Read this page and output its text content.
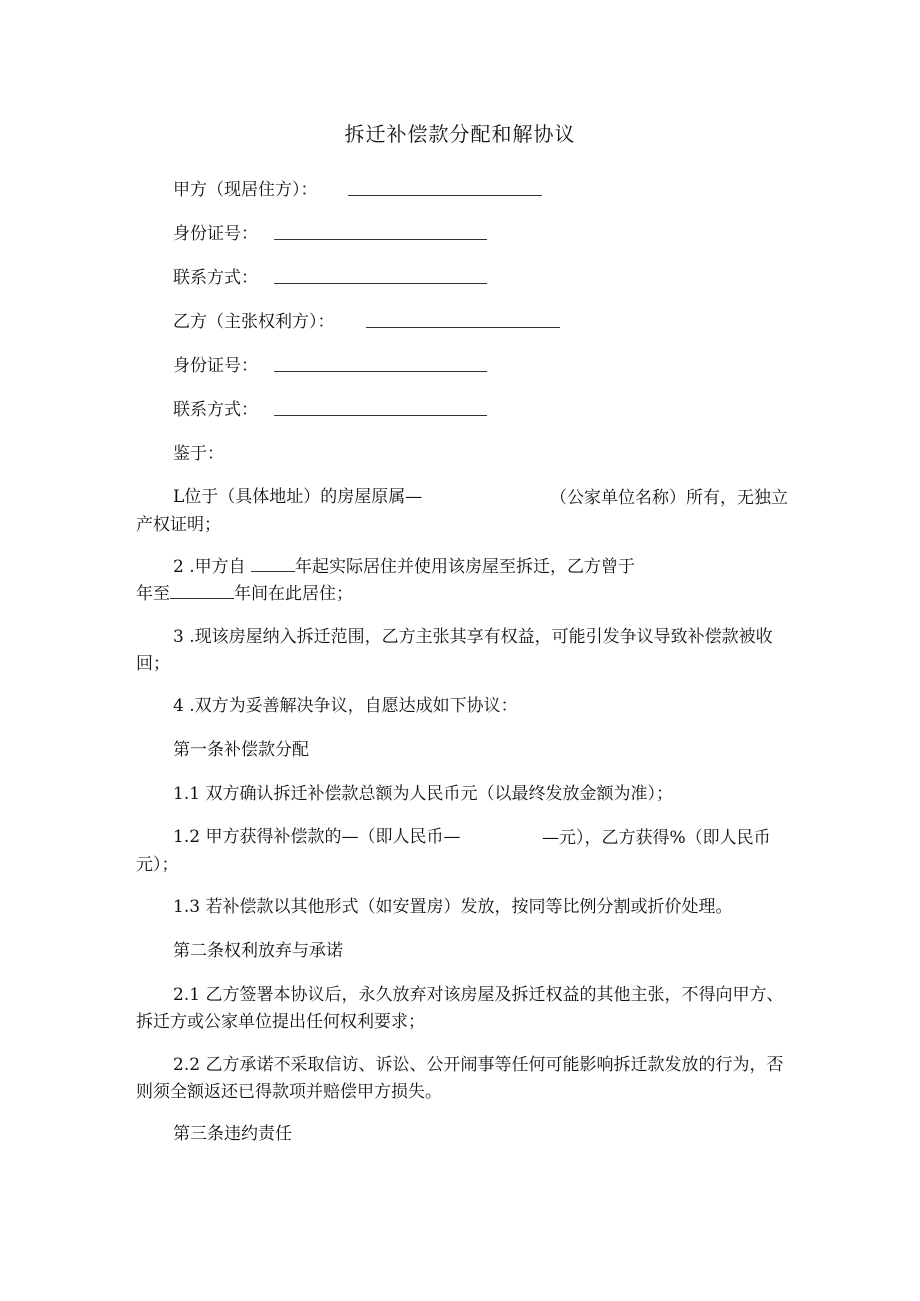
拆迁补偿款分配和解协议
甲方（现居住方）：
身份证号：
联系方式：
乙方（主张权利方）：
身份证号：
联系方式：
鉴于：
L位于（具体地址）的房屋原属—	（公家单位名称）所有，无独立产权证明；
2 .甲方自	年起实际居住并使用该房屋至拆迁，乙方曾于
年至	年间在此居住；
3 .现该房屋纳入拆迁范围，乙方主张其享有权益，可能引发争议导致补偿款被收回；
4 .双方为妥善解决争议，自愿达成如下协议：
第一条补偿款分配
1.1 双方确认拆迁补偿款总额为人民币元（以最终发放金额为准）；
1.2 甲方获得补偿款的—（即人民币—	—元），乙方获得%（即人民币元）；
1.3 若补偿款以其他形式（如安置房）发放，按同等比例分割或折价处理。
第二条权利放弃与承诺
2.1 乙方签署本协议后，永久放弃对该房屋及拆迁权益的其他主张，不得向甲方、拆迁方或公家单位提出任何权利要求；
2.2 乙方承诺不采取信访、诉讼、公开闹事等任何可能影响拆迁款发放的行为，否则须全额返还已得款项并赔偿甲方损失。
第三条违约责任
